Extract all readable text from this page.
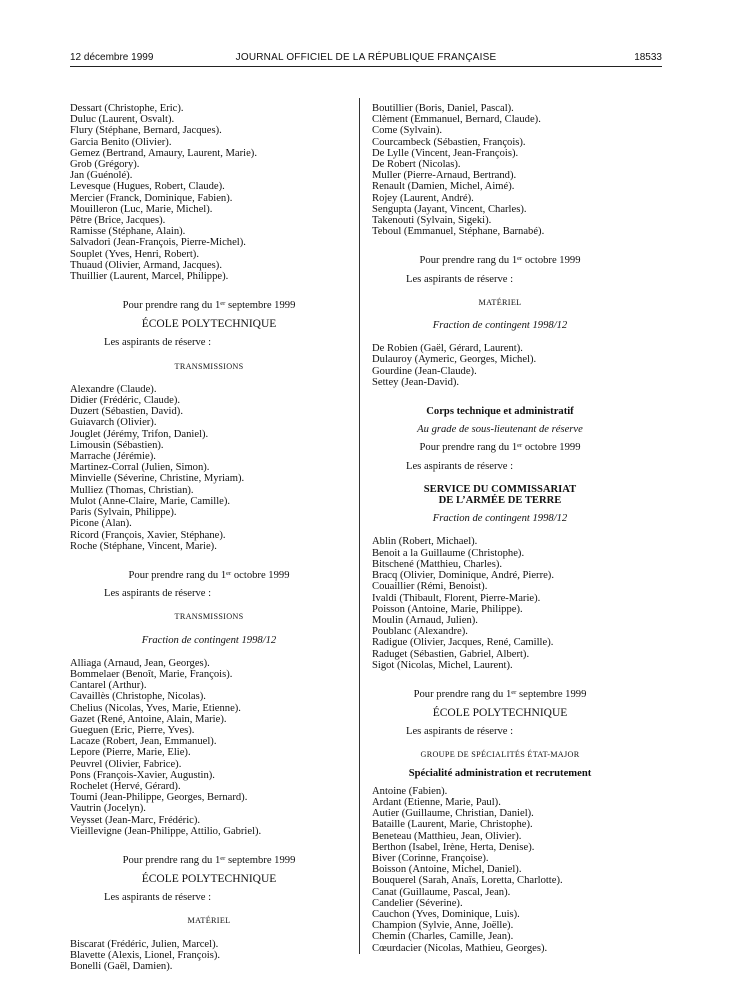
12 décembre 1999	JOURNAL OFFICIEL DE LA RÉPUBLIQUE FRANÇAISE	18533
Dessart (Christophe, Eric).
Duluc (Laurent, Osvalt).
Flury (Stéphane, Bernard, Jacques).
Garcia Benito (Olivier).
Gemez (Bertrand, Amaury, Laurent, Marie).
Grob (Grégory).
Jan (Guénolé).
Levesque (Hugues, Robert, Claude).
Mercier (Franck, Dominique, Fabien).
Mouilleron (Luc, Marie, Michel).
Pêtre (Brice, Jacques).
Ramisse (Stéphane, Alain).
Salvadori (Jean-François, Pierre-Michel).
Souplet (Yves, Henri, Robert).
Thuaud (Olivier, Armand, Jacques).
Thuillier (Laurent, Marcel, Philippe).
Pour prendre rang du 1er septembre 1999
ÉCOLE POLYTECHNIQUE
Les aspirants de réserve :
TRANSMISSIONS
Alexandre (Claude).
Didier (Frédéric, Claude).
Duzert (Sébastien, David).
Guiavarch (Olivier).
Jouglet (Jérémy, Trifon, Daniel).
Limousin (Sébastien).
Marrache (Jérémie).
Martinez-Corral (Julien, Simon).
Minvielle (Séverine, Christine, Myriam).
Mulliez (Thomas, Christian).
Mulot (Anne-Claire, Marie, Camille).
Paris (Sylvain, Philippe).
Picone (Alan).
Ricord (François, Xavier, Stéphane).
Roche (Stéphane, Vincent, Marie).
Pour prendre rang du 1er octobre 1999
Les aspirants de réserve :
TRANSMISSIONS
Fraction de contingent 1998/12
Alliaga (Arnaud, Jean, Georges).
Bommelaer (Benoît, Marie, François).
Cantarel (Arthur).
Cavaillès (Christophe, Nicolas).
Chelius (Nicolas, Yves, Marie, Etienne).
Gazet (René, Antoine, Alain, Marie).
Gueguen (Eric, Pierre, Yves).
Lacaze (Robert, Jean, Emmanuel).
Lepore (Pierre, Marie, Elie).
Peuvrel (Olivier, Fabrice).
Pons (François-Xavier, Augustin).
Rochelet (Hervé, Gérard).
Toumi (Jean-Philippe, Georges, Bernard).
Vautrin (Jocelyn).
Veysset (Jean-Marc, Frédéric).
Vieillevigne (Jean-Philippe, Attilio, Gabriel).
Pour prendre rang du 1er septembre 1999
ÉCOLE POLYTECHNIQUE
Les aspirants de réserve :
MATÉRIEL
Biscarat (Frédéric, Julien, Marcel).
Blavette (Alexis, Lionel, François).
Bonelli (Gaël, Damien).
Boutillier (Boris, Daniel, Pascal).
Clèment (Emmanuel, Bernard, Claude).
Come (Sylvain).
Courcambeck (Sébastien, François).
De Lylle (Vincent, Jean-François).
De Robert (Nicolas).
Muller (Pierre-Arnaud, Bertrand).
Renault (Damien, Michel, Aimé).
Rojey (Laurent, André).
Sengupta (Jayant, Vincent, Charles).
Takenouti (Sylvain, Sigeki).
Teboul (Emmanuel, Stéphane, Barnabé).
Pour prendre rang du 1er octobre 1999
Les aspirants de réserve :
MATÉRIEL
Fraction de contingent 1998/12
De Robien (Gaël, Gérard, Laurent).
Dulauroy (Aymeric, Georges, Michel).
Gourdine (Jean-Claude).
Settey (Jean-David).
Corps technique et administratif
Au grade de sous-lieutenant de réserve
Pour prendre rang du 1er octobre 1999
Les aspirants de réserve :
SERVICE DU COMMISSARIAT
DE L’ARMÉE DE TERRE
Fraction de contingent 1998/12
Ablin (Robert, Michael).
Benoit a la Guillaume (Christophe).
Bitschené (Matthieu, Charles).
Bracq (Olivier, Dominique, André, Pierre).
Couaillier (Rémi, Benoist).
Ivaldi (Thibault, Florent, Pierre-Marie).
Poisson (Antoine, Marie, Philippe).
Moulin (Arnaud, Julien).
Poublanc (Alexandre).
Radigue (Olivier, Jacques, René, Camille).
Raduget (Sébastien, Gabriel, Albert).
Sigot (Nicolas, Michel, Laurent).
Pour prendre rang du 1er septembre 1999
ÉCOLE POLYTECHNIQUE
Les aspirants de réserve :
GROUPE DE SPÉCIALITÉS ÉTAT-MAJOR
Spécialité administration et recrutement
Antoine (Fabien).
Ardant (Etienne, Marie, Paul).
Autier (Guillaume, Christian, Daniel).
Bataille (Laurent, Marie, Christophe).
Beneteau (Matthieu, Jean, Olivier).
Berthon (Isabel, Irène, Herta, Denise).
Biver (Corinne, Françoise).
Boisson (Antoine, Michel, Daniel).
Bouquerel (Sarah, Anaïs, Loretta, Charlotte).
Canat (Guillaume, Pascal, Jean).
Candelier (Séverine).
Cauchon (Yves, Dominique, Luis).
Champion (Sylvie, Anne, Joëlle).
Chemin (Charles, Camille, Jean).
Cœurdacier (Nicolas, Mathieu, Georges).
